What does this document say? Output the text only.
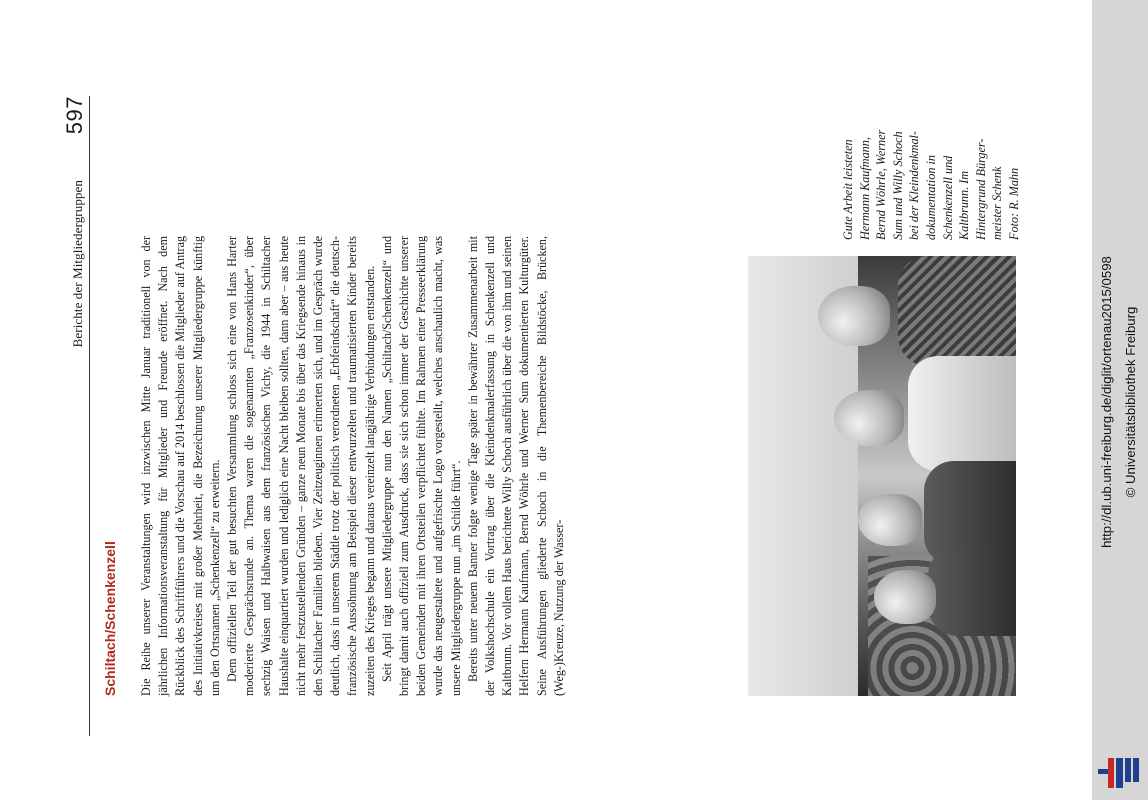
Berichte der Mitgliedergruppen
597
Schiltach/Schenkenzell Die Reihe unserer Veranstaltungen wird inzwischen Mitte Januar traditionell von der jährlichen Informationsveranstaltung für Mitglieder und Freunde eröffnet. Nach dem Rückblick des Schriftführers und die Vorschau auf 2014 beschlossen die Mitglieder auf Antrag des Initiativkreises mit großer Mehrheit, die Bezeichnung unserer Mitgliedergruppe künftig um den Ortsnamen „Schenkenzell“ zu erweitern. Dem offiziellen Teil der gut besuchten Versammlung schloss sich eine von Hans Harter moderierte Gesprächsrunde an. Thema waren die sogenannten „Franzosenkinder“, über sechzig Waisen und Halbwaisen aus dem französischen Vichy, die 1944 in Schiltacher Haushalte einquartiert wurden und lediglich eine Nacht bleiben sollten, dann aber – aus heute nicht mehr festzustellenden Gründen – ganze neun Monate bis über das Kriegsende hinaus in den Schiltacher Familien blieben. Vier Zeitzeuginnen erinnerten sich, und im Gespräch wurde deutlich, dass in unserem Städtle trotz der politisch verordneten „Erbfeindschaft“ die deutsch-französische Aussöhnung am Beispiel dieser entwurzelten und traumatisierten Kinder bereits zuzeiten des Krieges begann und daraus vereinzelt langjährige Verbindungen entstanden. Seit April trägt unsere Mitgliedergruppe nun den Namen „Schiltach/Schenkenzell“ und bringt damit auch offiziell zum Ausdruck, dass sie sich schon immer der Geschichte unserer beiden Gemeinden mit ihren Ortsteilen verpflichtet fühlte. Im Rahmen einer Presseerklärung wurde das neugestaltete und aufgefrischte Logo vorgestellt, welches anschaulich macht, was unsere Mitgliedergruppe nun „im Schilde führt“. Bereits unter neuem Banner folgte wenige Tage später in bewährter Zusammenarbeit mit der Volkshochschule ein Vortrag über die Kleindenkmalerfassung in Schenkenzell und Kaltbrunn. Vor vollem Haus berichtete Willy Schoch ausführlich über die von ihm und seinen Helfern Hermann Kaufmann, Bernd Wöhrle und Werner Sum dokumentierten Kulturgüter. Seine Ausführungen gliederte Schoch in die Themenbereiche Bildstöcke, Brücken, (Weg-)Kreuze, Nutzung der Wasser-

Gute Arbeit leisteten Hermann Kaufmann, Bernd Wöhrle, Werner Sum und Willy Schoch bei der Kleindenkmal- dokumentation in Schenkenzell und Kaltbrunn. Im Hintergrund Bürger- meister Schenk Foto: R. Mahn
http://dl.ub.uni-freiburg.de/diglit/ortenau2015/0598 © Universitätsbibliothek Freiburg
